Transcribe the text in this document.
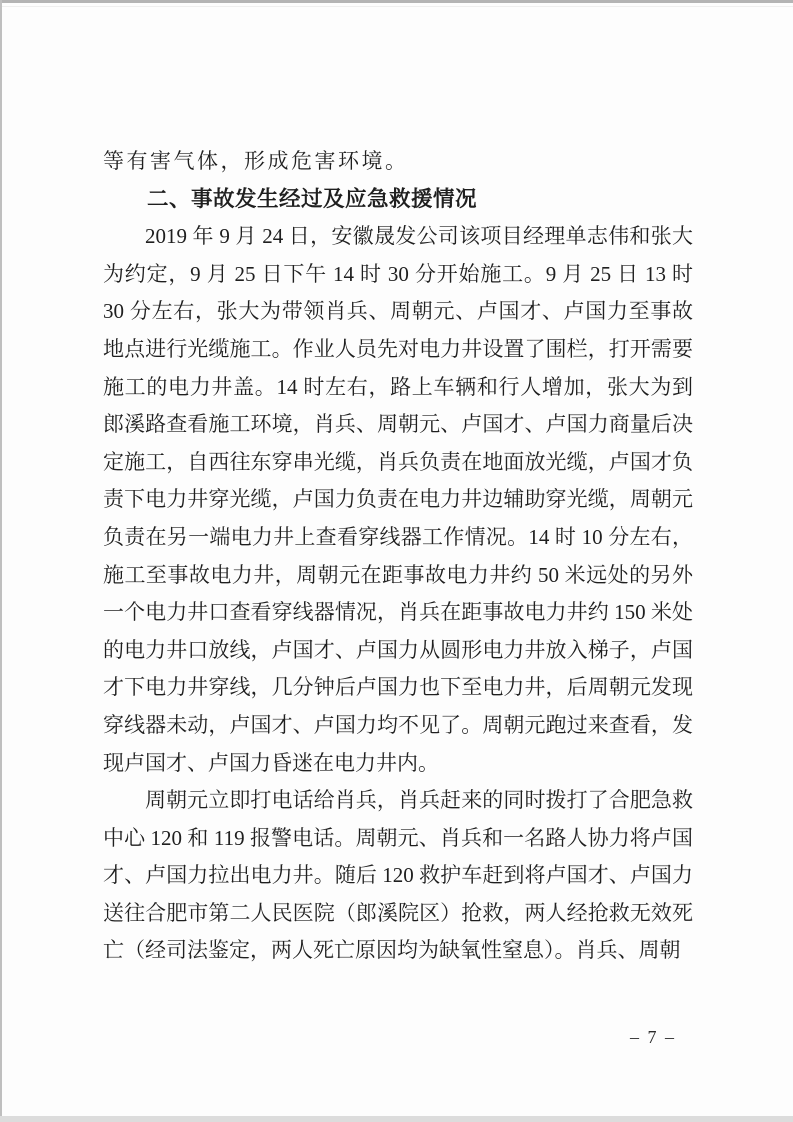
等有害气体，形成危害环境。
二、事故发生经过及应急救援情况
2019 年 9 月 24 日，安徽晟发公司该项目经理单志伟和张大
为约定，9 月 25 日下午 14 时 30 分开始施工。9 月 25 日 13 时
30 分左右，张大为带领肖兵、周朝元、卢国才、卢国力至事故
地点进行光缆施工。作业人员先对电力井设置了围栏，打开需要
施工的电力井盖。14 时左右，路上车辆和行人增加，张大为到
郎溪路查看施工环境，肖兵、周朝元、卢国才、卢国力商量后决
定施工，自西往东穿串光缆，肖兵负责在地面放光缆，卢国才负
责下电力井穿光缆，卢国力负责在电力井边辅助穿光缆，周朝元
负责在另一端电力井上查看穿线器工作情况。14 时 10 分左右，
施工至事故电力井，周朝元在距事故电力井约 50 米远处的另外
一个电力井口查看穿线器情况，肖兵在距事故电力井约 150 米处
的电力井口放线，卢国才、卢国力从圆形电力井放入梯子，卢国
才下电力井穿线，几分钟后卢国力也下至电力井，后周朝元发现
穿线器未动，卢国才、卢国力均不见了。周朝元跑过来查看，发
现卢国才、卢国力昏迷在电力井内。
周朝元立即打电话给肖兵，肖兵赶来的同时拨打了合肥急救
中心 120 和 119 报警电话。周朝元、肖兵和一名路人协力将卢国
才、卢国力拉出电力井。随后 120 救护车赶到将卢国才、卢国力
送往合肥市第二人民医院（郎溪院区）抢救，两人经抢救无效死
亡（经司法鉴定，两人死亡原因均为缺氧性窒息）。肖兵、周朝
– 7 –
